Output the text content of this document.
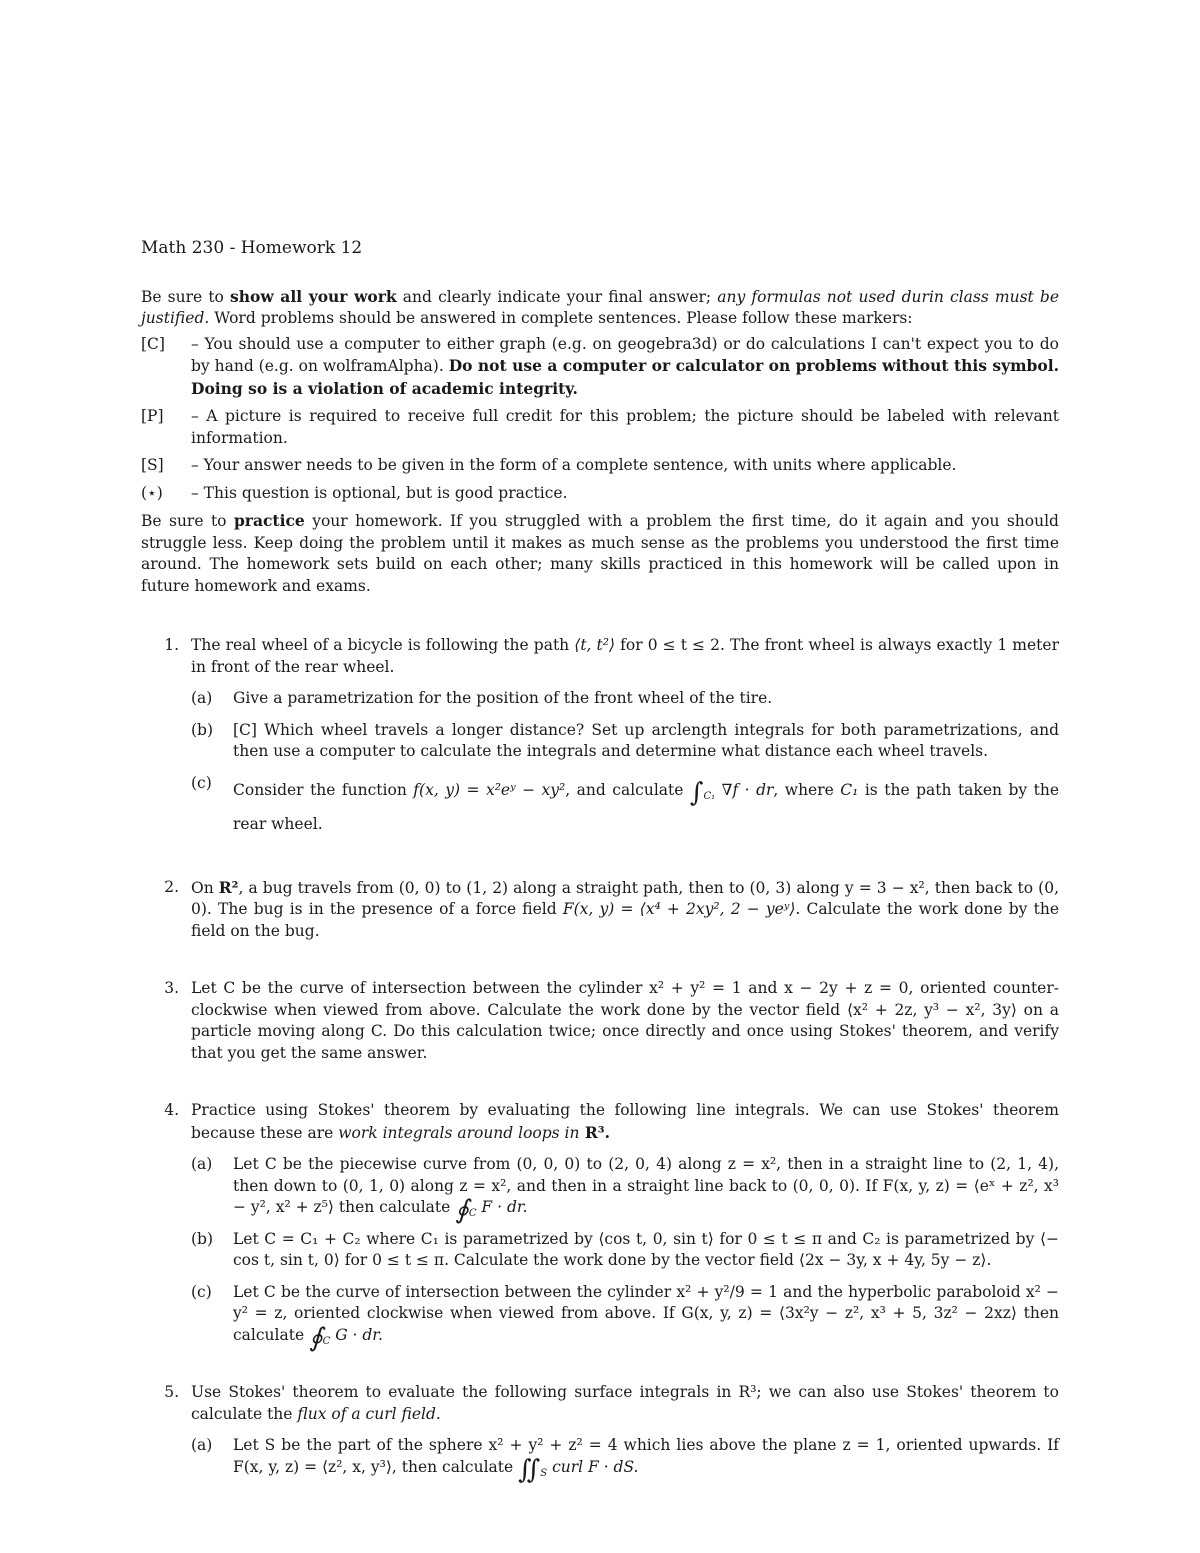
Math 230 - Homework 12

Be sure to show all your work and clearly indicate your final answer; any formulas not used durin class must be justified. Word problems should be answered in complete sentences. Please follow these markers:

[C]	– You should use a computer to either graph (e.g. on geogebra3d) or do calculations I can't expect you to do by hand (e.g. on wolframAlpha). Do not use a computer or calculator on problems without this symbol. Doing so is a violation of academic integrity.
[P]	– A picture is required to receive full credit for this problem; the picture should be labeled with relevant information.
[S]	– Your answer needs to be given in the form of a complete sentence, with units where applicable.
(⋆)	– This question is optional, but is good practice.

Be sure to practice your homework. If you struggled with a problem the first time, do it again and you should struggle less. Keep doing the problem until it makes as much sense as the problems you understood the first time around. The homework sets build on each other; many skills practiced in this homework will be called upon in future homework and exams.

1. The real wheel of a bicycle is following the path ⟨t, t²⟩ for 0 ≤ t ≤ 2. The front wheel is always exactly 1 meter in front of the rear wheel.

(a)	Give a parametrization for the position of the front wheel of the tire.
(b)	[C] Which wheel travels a longer distance? Set up arclength integrals for both parametrizations, and then use a computer to calculate the integrals and determine what distance each wheel travels.
(c)	Consider the function f(x, y) = x²eʸ − xy², and calculate $\int_{C_1}$ ∇f · dr, where C₁ is the path taken by the rear wheel.
2. On R², a bug travels from (0, 0) to (1, 2) along a straight path, then to (0, 3) along y = 3 − x², then back to (0, 0). The bug is in the presence of a force field F(x, y) = ⟨x⁴ + 2xy², 2 − yeʸ⟩. Calculate the work done by the field on the bug.

3. Let C be the curve of intersection between the cylinder x² + y² = 1 and x − 2y + z = 0, oriented counter-clockwise when viewed from above. Calculate the work done by the vector field ⟨x² + 2z, y³ − x², 3y⟩ on a particle moving along C. Do this calculation twice; once directly and once using Stokes' theorem, and verify that you get the same answer.

4. Practice using Stokes' theorem by evaluating the following line integrals. We can use Stokes' theorem because these are work integrals around loops in R³.

(a)	Let C be the piecewise curve from (0, 0, 0) to (2, 0, 4) along z = x², then in a straight line to (2, 1, 4), then down to (0, 1, 0) along z = x², and then in a straight line back to (0, 0, 0). If F(x, y, z) = ⟨eˣ + z², x³ − y², x² + z⁵⟩ then calculate $∮_C$ F · dr.
(b)	Let C = C₁ + C₂ where C₁ is parametrized by ⟨cos t, 0, sin t⟩ for 0 ≤ t ≤ π and C₂ is parametrized by ⟨− cos t, sin t, 0⟩ for 0 ≤ t ≤ π. Calculate the work done by the vector field ⟨2x − 3y, x + 4y, 5y − z⟩.
(c)	Let C be the curve of intersection between the cylinder x² + y²/9 = 1 and the hyperbolic paraboloid x² − y² = z, oriented clockwise when viewed from above. If G(x, y, z) = ⟨3x²y − z², x³ + 5, 3z² − 2xz⟩ then calculate $∮_C$ G · dr.
5. Use Stokes' theorem to evaluate the following surface integrals in R³; we can also use Stokes' theorem to calculate the flux of a curl field.

(a)	Let S be the part of the sphere x² + y² + z² = 4 which lies above the plane z = 1, oriented upwards. If F(x, y, z) = ⟨z², x, y³⟩, then calculate $∬_S$ curl F · dS.
